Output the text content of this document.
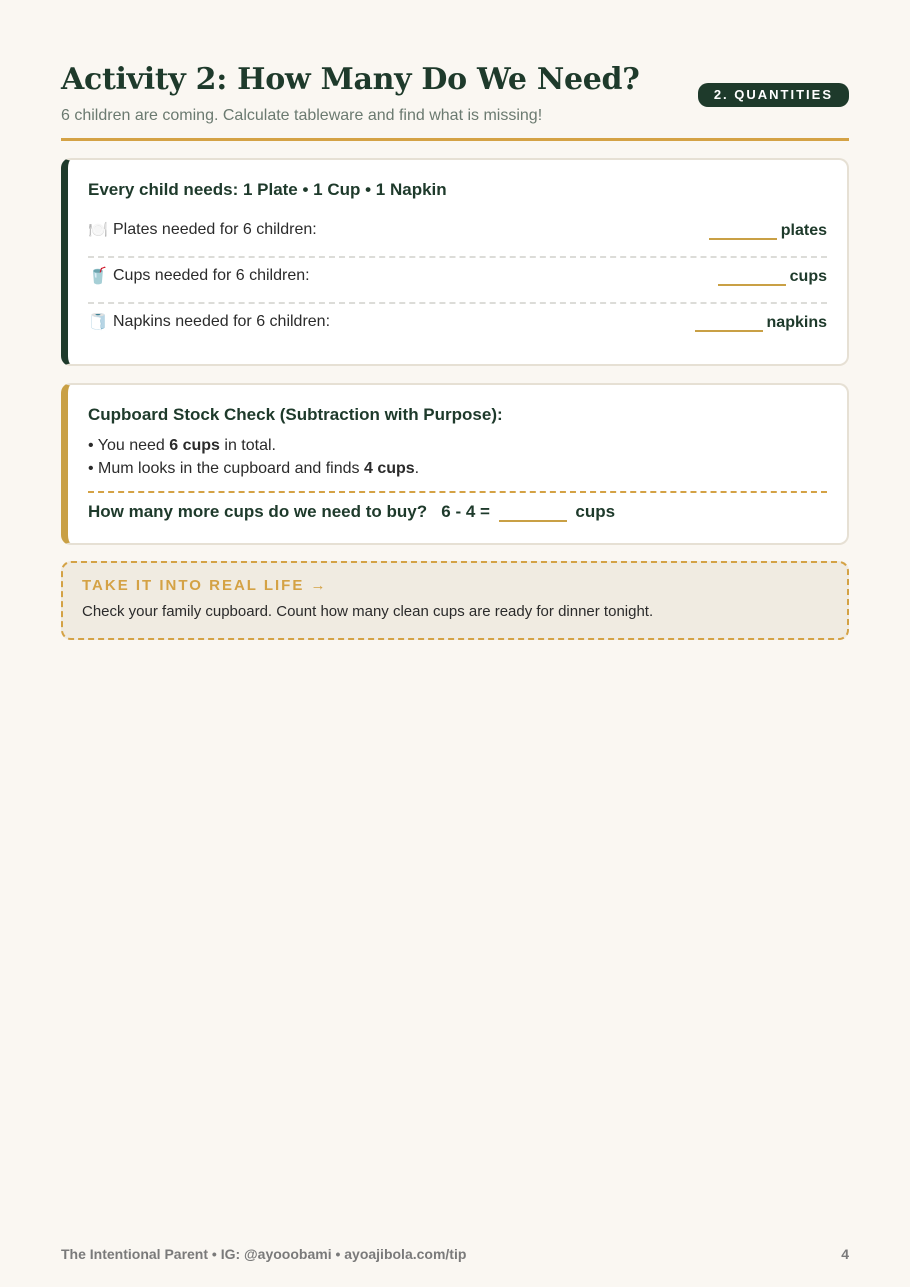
Activity 2: How Many Do We Need?
6 children are coming. Calculate tableware and find what is missing!
2. QUANTITIES
Every child needs: 1 Plate • 1 Cup • 1 Napkin
🍽️ Plates needed for 6 children:	plates
🥤 Cups needed for 6 children:	cups
🧻 Napkins needed for 6 children:	napkins
Cupboard Stock Check (Subtraction with Purpose):
• You need 6 cups in total.
• Mum looks in the cupboard and finds 4 cups.
How many more cups do we need to buy? 6 - 4 =	cups
TAKE IT INTO REAL LIFE →
Check your family cupboard. Count how many clean cups are ready for dinner tonight.
The Intentional Parent • IG: @ayooobami • ayoajibola.com/tip	4
